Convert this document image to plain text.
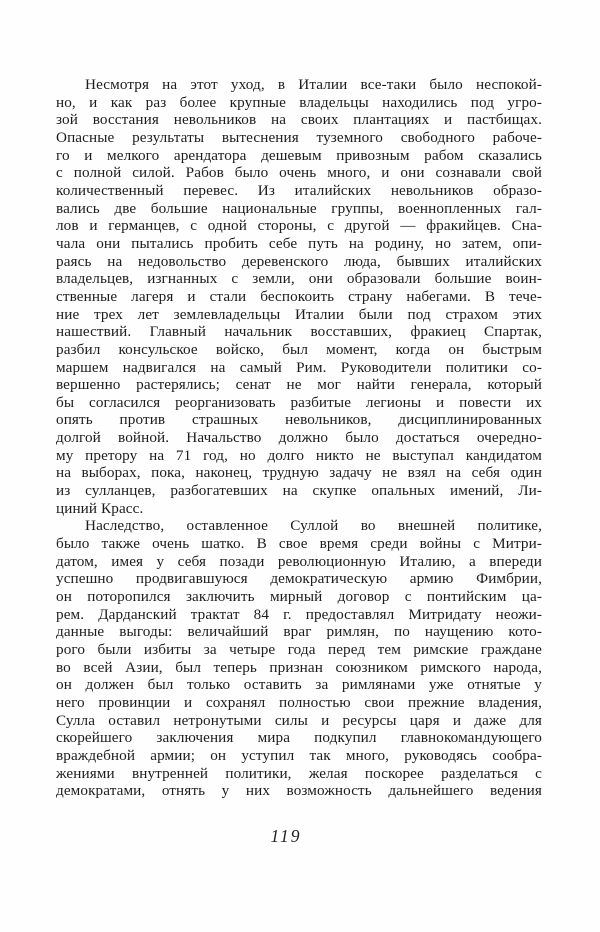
Несмотря на этот уход, в Италии все-таки было неспокой-
но, и как раз более крупные владельцы находились под угро-
зой восстания невольников на своих плантациях и пастбищах.
Опасные результаты вытеснения туземного свободного рабоче-
го и мелкого арендатора дешевым привозным рабом сказались
с полной силой. Рабов было очень много, и они сознавали свой
количественный перевес. Из италийских невольников образо-
вались две большие национальные группы, военнопленных гал-
лов и германцев, с одной стороны, с другой — фракийцев. Сна-
чала они пытались пробить себе путь на родину, но затем, опи-
раясь на недовольство деревенского люда, бывших италийских
владельцев, изгнанных с земли, они образовали большие воин-
ственные лагеря и стали беспокоить страну набегами. В тече-
ние трех лет землевладельцы Италии были под страхом этих
нашествий. Главный начальник восставших, фракиец Спартак,
разбил консульское войско, был момент, когда он быстрым
маршем надвигался на самый Рим. Руководители политики со-
вершенно растерялись; сенат не мог найти генерала, который
бы согласился реорганизовать разбитые легионы и повести их
опять против страшных невольников, дисциплинированных
долгой войной. Начальство должно было достаться очередно-
му претору на 71 год, но долго никто не выступал кандидатом
на выборах, пока, наконец, трудную задачу не взял на себя один
из сулланцев, разбогатевших на скупке опальных имений, Ли-
циний Красс.
Наследство, оставленное Суллой во внешней политике,
было также очень шатко. В свое время среди войны с Митри-
датом, имея у себя позади революционную Италию, а впереди
успешно продвигавшуюся демократическую армию Фимбрии,
он поторопился заключить мирный договор с понтийским ца-
рем. Дарданский трактат 84 г. предоставлял Митридату неожи-
данные выгоды: величайший враг римлян, по наущению кото-
рого были избиты за четыре года перед тем римские граждане
во всей Азии, был теперь признан союзником римского народа,
он должен был только оставить за римлянами уже отнятые у
него провинции и сохранял полностью свои прежние владения,
Сулла оставил нетронутыми силы и ресурсы царя и даже для
скорейшего заключения мира подкупил главнокомандующего
враждебной армии; он уступил так много, руководясь сообра-
жениями внутренней политики, желая поскорее разделаться с
демократами, отнять у них возможность дальнейшего ведения
119
